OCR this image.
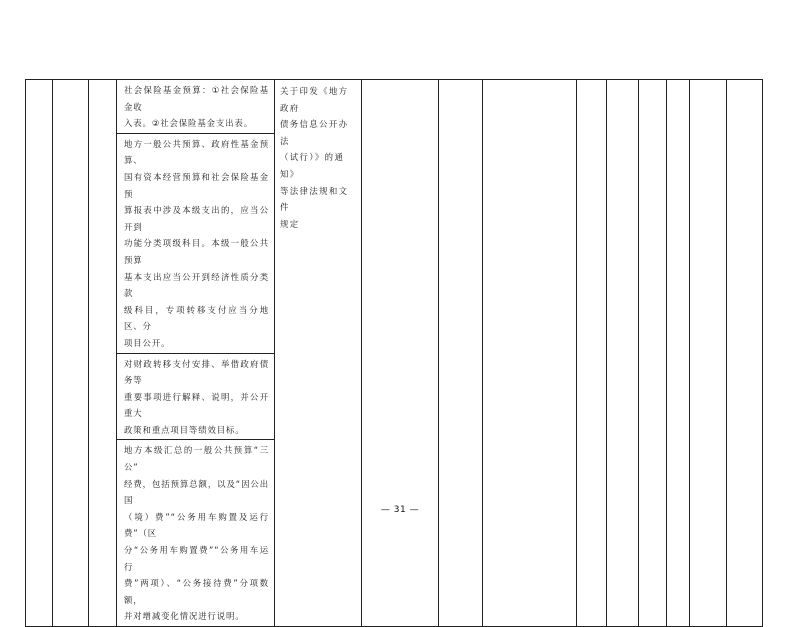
社会保险基金预算：①社会保险基金收
入表。②社会保险基金支出表。

关于印发《地方政府
债务信息公开办法
（试行）》的通知》
等法律法规和文件
规定

地方一般公共预算、政府性基金预算、
国有资本经营预算和社会保险基金预
算报表中涉及本级支出的，应当公开到
功能分类项级科目。本级一般公共预算
基本支出应当公开到经济性质分类款
级科目，专项转移支付应当分地区、分
项目公开。

对财政转移支付安排、举借政府债务等
重要事项进行解释、说明，并公开重大
政策和重点项目等绩效目标。

地方本级汇总的一般公共预算“三公”
经费，包括预算总额，以及“因公出国
（境）费”“公务用车购置及运行费”（区
分“公务用车购置费”“公务用车运行
费”两项）、“公务接待费”分项数额，
并对增减变化情况进行说明。
— 31 —
